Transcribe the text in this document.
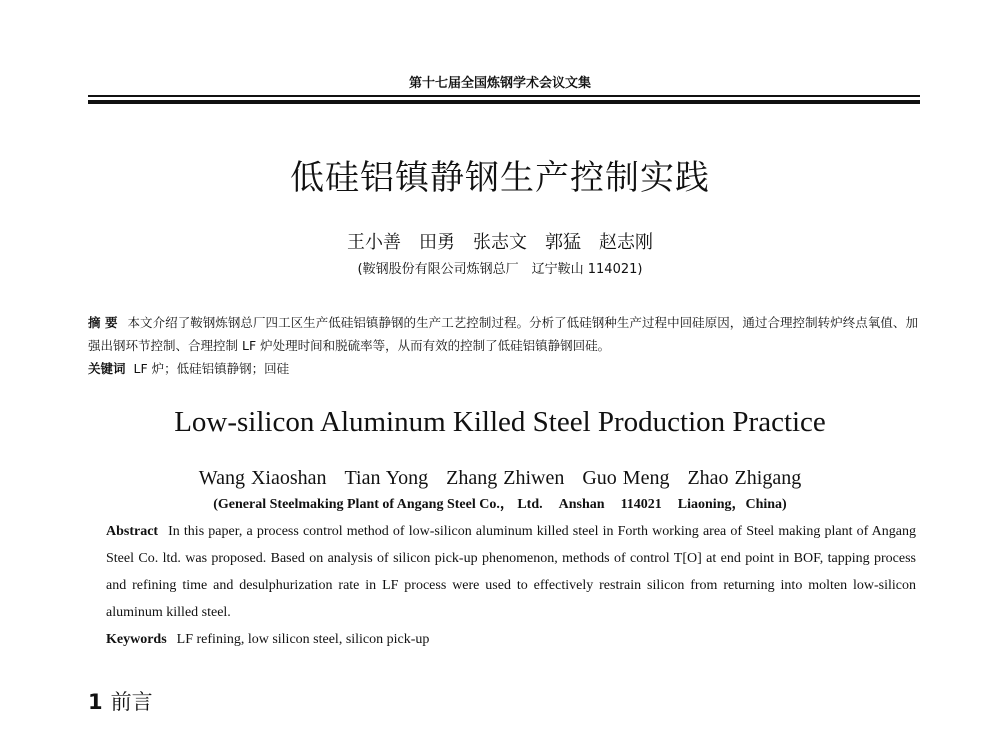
第十七届全国炼钢学术会议文集
低硅铝镇静钢生产控制实践
王小善　田勇　张志文　郭猛　赵志刚
(鞍钢股份有限公司炼钢总厂　辽宁鞍山 114021)
摘 要 本文介绍了鞍钢炼钢总厂四工区生产低硅铝镇静钢的生产工艺控制过程。分析了低硅钢种生产过程中回硅原因，通过合理控制转炉终点氧值、加强出钢环节控制、合理控制 LF 炉处理时间和脱硫率等，从而有效的控制了低硅铝镇静钢回硅。
关键词 LF 炉；低硅铝镇静钢；回硅
Low-silicon Aluminum Killed Steel Production Practice
Wang Xiaoshan Tian Yong Zhang Zhiwen Guo Meng Zhao Zhigang
(General Steelmaking Plant of Angang Steel Co.， Ltd. Anshan 114021 Liaoning，China)
Abstract In this paper, a process control method of low-silicon aluminum killed steel in Forth working area of Steel making plant of Angang Steel Co. ltd. was proposed. Based on analysis of silicon pick-up phenomenon, methods of control T[O] at end point in BOF, tapping process and refining time and desulphurization rate in LF process were used to effectively restrain silicon from returning into molten low-silicon aluminum killed steel.
Keywords LF refining, low silicon steel, silicon pick-up
1 前言
